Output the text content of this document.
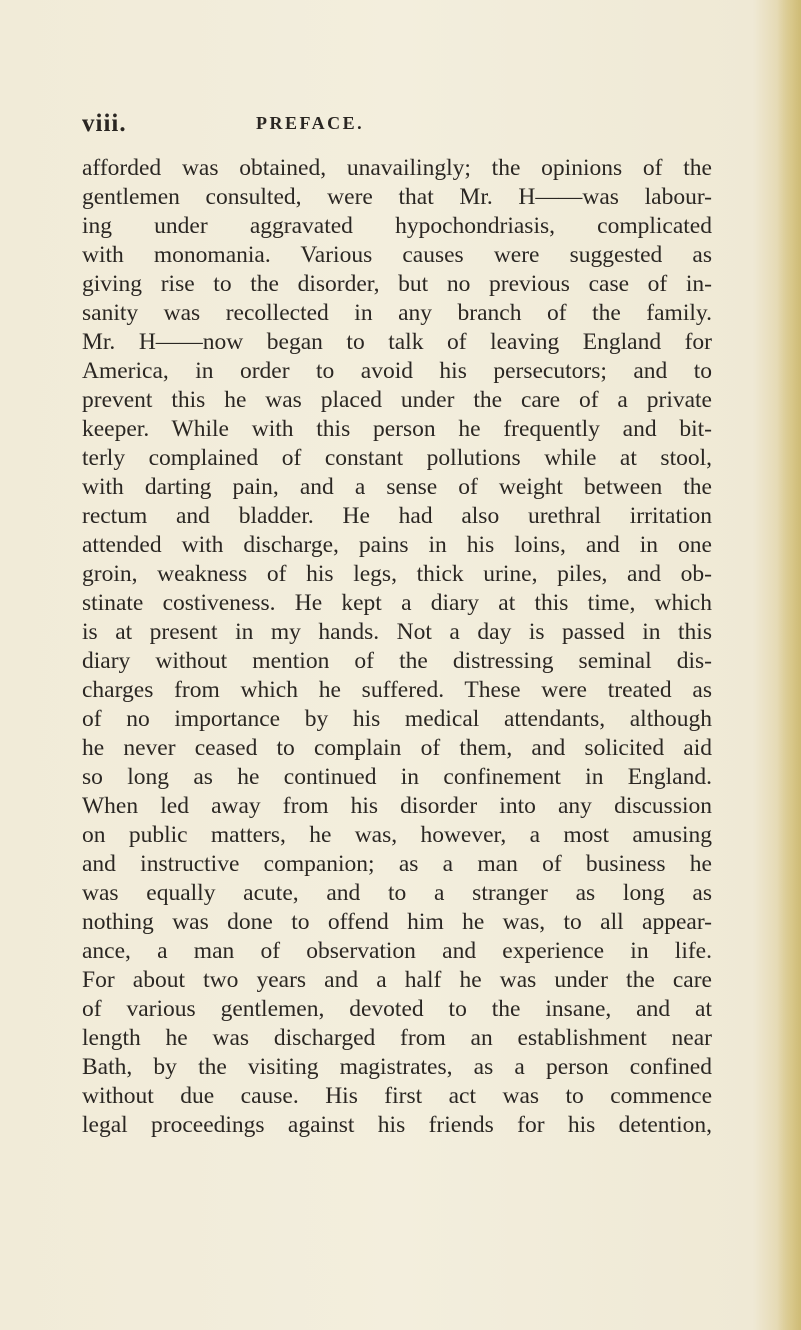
viii.	PREFACE.
afforded was obtained, unavailingly; the opinions of the
gentlemen consulted, were that Mr. H——was labour-
ing under aggravated hypochondriasis, complicated
with monomania. Various causes were suggested as
giving rise to the disorder, but no previous case of in-
sanity was recollected in any branch of the family.
Mr. H——now began to talk of leaving England for
America, in order to avoid his persecutors; and to
prevent this he was placed under the care of a private
keeper. While with this person he frequently and bit-
terly complained of constant pollutions while at stool,
with darting pain, and a sense of weight between the
rectum and bladder. He had also urethral irritation
attended with discharge, pains in his loins, and in one
groin, weakness of his legs, thick urine, piles, and ob-
stinate costiveness. He kept a diary at this time, which
is at present in my hands. Not a day is passed in this
diary without mention of the distressing seminal dis-
charges from which he suffered. These were treated as
of no importance by his medical attendants, although
he never ceased to complain of them, and solicited aid
so long as he continued in confinement in England.
When led away from his disorder into any discussion
on public matters, he was, however, a most amusing
and instructive companion; as a man of business he
was equally acute, and to a stranger as long as
nothing was done to offend him he was, to all appear-
ance, a man of observation and experience in life.
For about two years and a half he was under the care
of various gentlemen, devoted to the insane, and at
length he was discharged from an establishment near
Bath, by the visiting magistrates, as a person confined
without due cause. His first act was to commence
legal proceedings against his friends for his detention,
